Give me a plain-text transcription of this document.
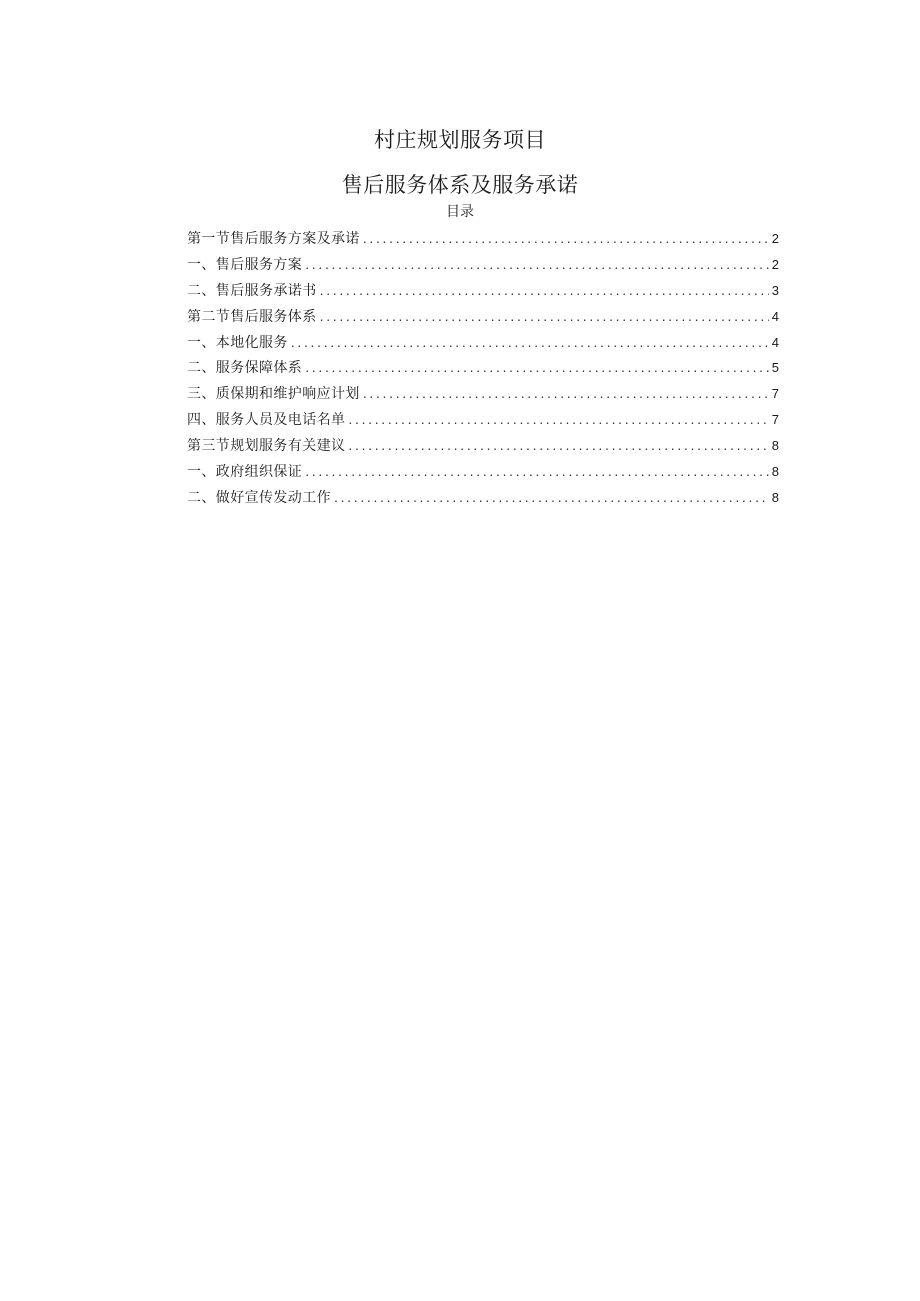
村庄规划服务项目
售后服务体系及服务承诺
目录
第一节售后服务方案及承诺 . . .	2
一、售后服务方案 . . .	2
二、售后服务承诺书 . . .	3
第二节售后服务体系 . . .	4
一、本地化服务 . . .	4
二、服务保障体系 . . .	5
三、质保期和维护响应计划 . . .	7
四、服务人员及电话名单 . . .	7
第三节规划服务有关建议 . . .	8
一、政府组织保证 . . .	8
二、做好宣传发动工作 . . .	8
